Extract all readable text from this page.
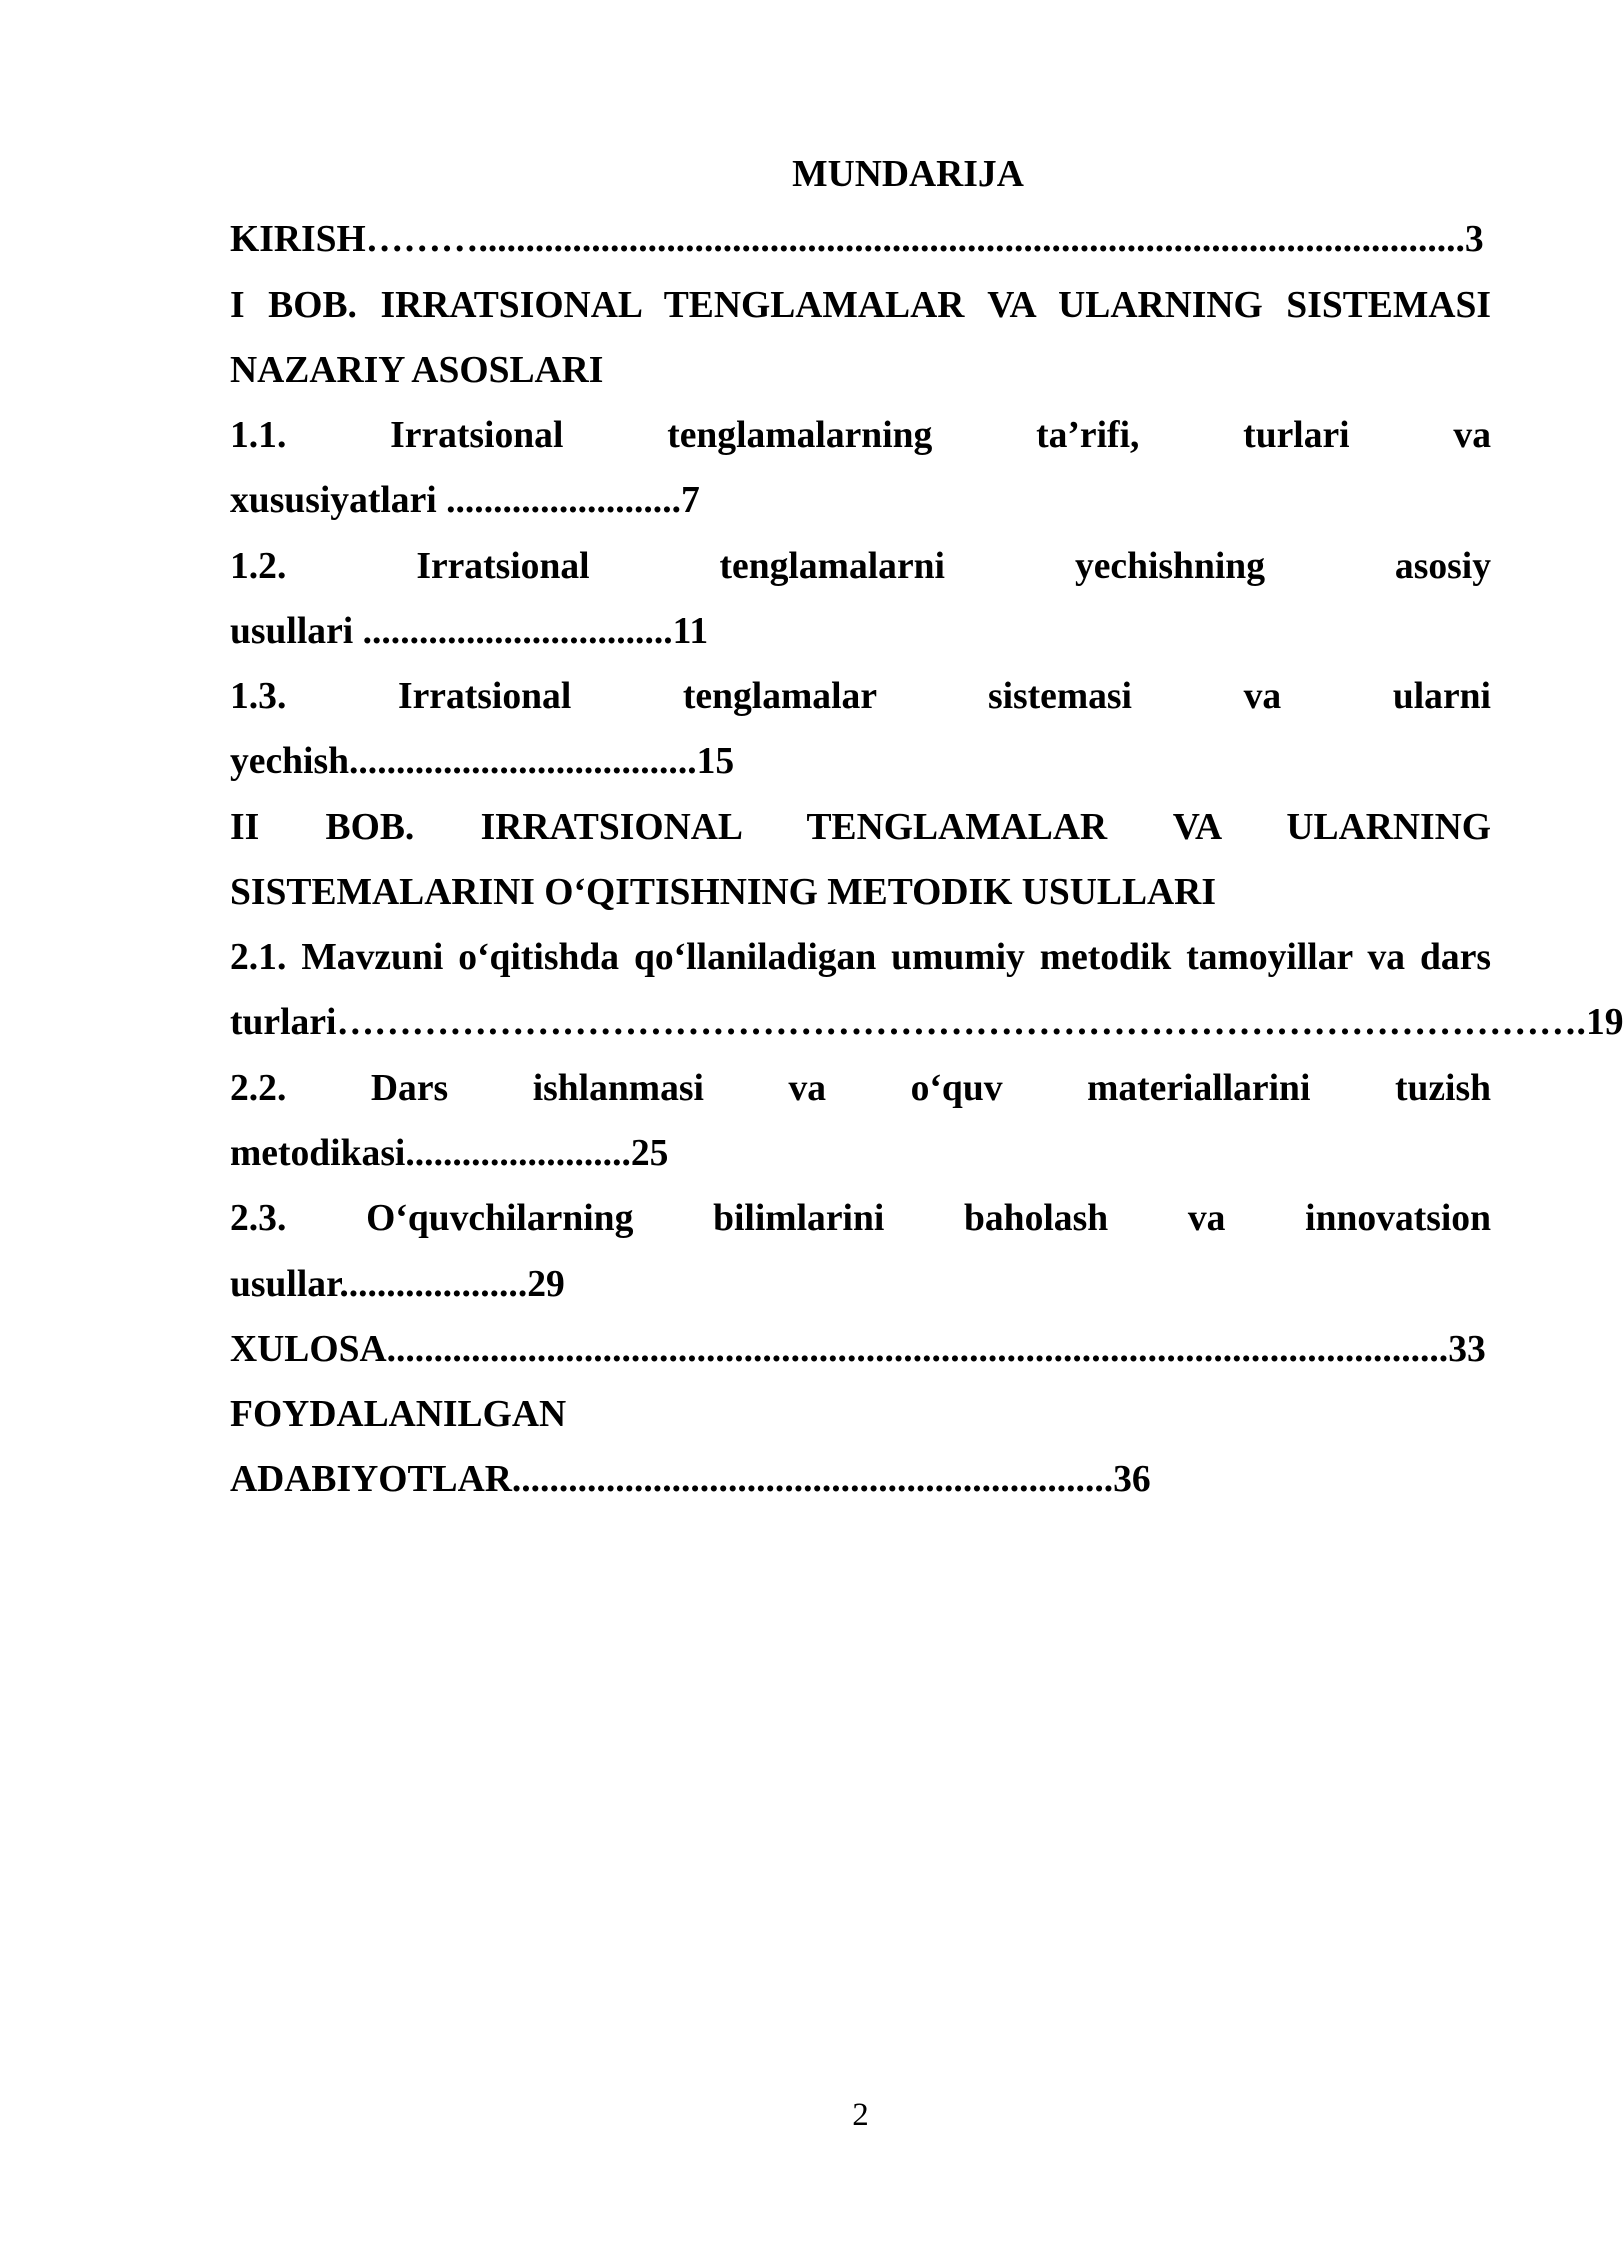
MUNDARIJA
KIRISH……….........................................................................................................3
I BOB. IRRATSIONAL TENGLAMALAR VA ULARNING SISTEMASI
NAZARIY ASOSLARI
1.1. Irratsional tenglamalarning ta’rifi, turlari va
xususiyatlari .........................7
1.2. Irratsional tenglamalarni yechishning asosiy
usullari .................................11
1.3. Irratsional tenglamalar sistemasi va ularni
yechish.....................................15
II BOB. IRRATSIONAL TENGLAMALAR VA ULARNING
SISTEMALARINI O‘QITISHNING METODIK USULLARI
2.1. Mavzuni o‘qitishda qo‘llaniladigan umumiy metodik tamoyillar va dars
turlari……………………………………………………………………………………….19
2.2. Dars ishlanmasi va o‘quv materiallarini tuzish
metodikasi........................25
2.3. O‘quvchilarning bilimlarini baholash va innovatsion
usullar....................29
XULOSA.................................................................................................................33
FOYDALANILGAN
ADABIYOTLAR................................................................36
2
